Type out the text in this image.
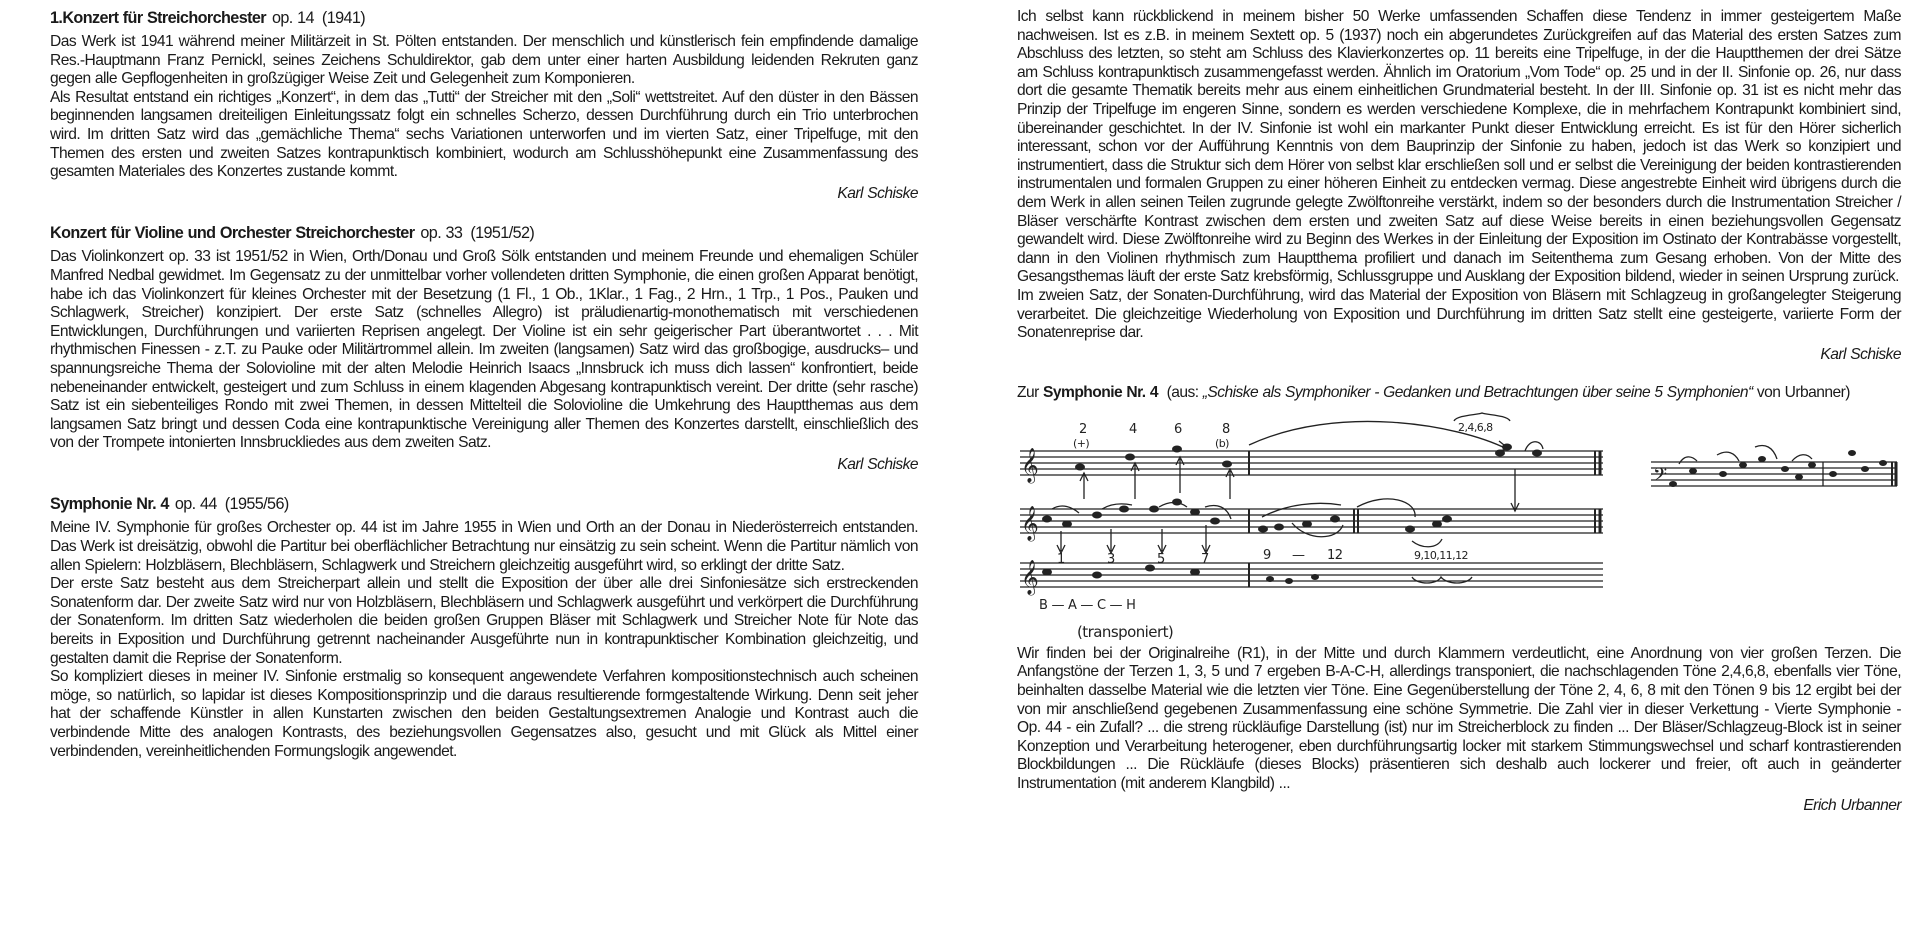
1.Konzert für Streichorchester op. 14 (1941)

Das Werk ist 1941 während meiner Militärzeit in St. Pölten entstanden. Der menschlich und künstlerisch fein empfindende damalige Res.-Hauptmann Franz Pernickl, seines Zeichens Schuldirektor, gab dem unter einer harten Ausbildung leidenden Rekruten ganz gegen alle Gepflogenheiten in großzügiger Weise Zeit und Gelegenheit zum Komponieren.

Als Resultat entstand ein richtiges „Konzert“, in dem das „Tutti“ der Streicher mit den „Soli“ wettstreitet. Auf den düster in den Bässen beginnenden langsamen dreiteiligen Einleitungssatz folgt ein schnelles Scherzo, dessen Durchführung durch ein Trio unterbrochen wird. Im dritten Satz wird das „gemächliche Thema“ sechs Variationen unterworfen und im vierten Satz, einer Tripelfuge, mit den Themen des ersten und zweiten Satzes kontrapunktisch kombiniert, wodurch am Schlusshöhepunkt eine Zusammenfassung des gesamten Materiales des Konzertes zustande kommt.

Karl Schiske
Konzert für Violine und Orchester Streichorchester op. 33 (1951/52)

Das Violinkonzert op. 33 ist 1951/52 in Wien, Orth/Donau und Groß Sölk entstanden und meinem Freunde und ehemaligen Schüler Manfred Nedbal gewidmet. Im Gegensatz zu der unmittelbar vorher vollendeten dritten Symphonie, die einen großen Apparat benötigt, habe ich das Violinkonzert für kleines Orchester mit der Besetzung (1 Fl., 1 Ob., 1Klar., 1 Fag., 2 Hrn., 1 Trp., 1 Pos., Pauken und Schlagwerk, Streicher) konzipiert. Der erste Satz (schnelles Allegro) ist präludienartig-monothematisch mit verschiedenen Entwicklungen, Durchführungen und variierten Reprisen angelegt. Der Violine ist ein sehr geigerischer Part überantwortet . . . Mit rhythmischen Finessen - z.T. zu Pauke oder Militärtrommel allein. Im zweiten (langsamen) Satz wird das großbogige, ausdrucks– und spannungsreiche Thema der Solovioline mit der alten Melodie Heinrich Isaacs „Innsbruck ich muss dich lassen“ konfrontiert, beide nebeneinander entwickelt, gesteigert und zum Schluss in einem klagenden Abgesang kontrapunktisch vereint. Der dritte (sehr rasche) Satz ist ein siebenteiliges Rondo mit zwei Themen, in dessen Mittelteil die Solovioline die Umkehrung des Hauptthemas aus dem langsamen Satz bringt und dessen Coda eine kontrapunktische Vereinigung aller Themen des Konzertes darstellt, einschließlich des von der Trompete intonierten Innsbruckliedes aus dem zweiten Satz.

Karl Schiske
Symphonie Nr. 4 op. 44 (1955/56)

Meine IV. Symphonie für großes Orchester op. 44 ist im Jahre 1955 in Wien und Orth an der Donau in Niederösterreich entstanden. Das Werk ist dreisätzig, obwohl die Partitur bei oberflächlicher Betrachtung nur einsätzig zu sein scheint. Wenn die Partitur nämlich von allen Spielern: Holzbläsern, Blechbläsern, Schlagwerk und Streichern gleichzeitig ausgeführt wird, so erklingt der dritte Satz.

Der erste Satz besteht aus dem Streicherpart allein und stellt die Exposition der über alle drei Sinfoniesätze sich erstreckenden Sonatenform dar. Der zweite Satz wird nur von Holzbläsern, Blechbläsern und Schlagwerk ausgeführt und verkörpert die Durchführung der Sonatenform. Im dritten Satz wiederholen die beiden großen Gruppen Bläser mit Schlagwerk und Streicher Note für Note das bereits in Exposition und Durchführung getrennt nacheinander Ausgeführte nun in kontrapunktischer Kombination gleichzeitig, und gestalten damit die Reprise der Sonatenform.

So kompliziert dieses in meiner IV. Sinfonie erstmalig so konsequent angewendete Verfahren kompositionstechnisch auch scheinen möge, so natürlich, so lapidar ist dieses Kompositionsprinzip und die daraus resultierende formgestaltende Wirkung. Denn seit jeher hat der schaffende Künstler in allen Kunstarten zwischen den beiden Gestaltungsextremen Analogie und Kontrast auch die verbindende Mitte des analogen Kontrasts, des beziehungsvollen Gegensatzes also, gesucht und mit Glück als Mittel einer verbindenden, vereinheitlichenden Formungslogik angewendet.

Ich selbst kann rückblickend in meinem bisher 50 Werke umfassenden Schaffen diese Tendenz in immer gesteigertem Maße nachweisen. Ist es z.B. in meinem Sextett op. 5 (1937) noch ein abgerundetes Zurückgreifen auf das Material des ersten Satzes zum Abschluss des letzten, so steht am Schluss des Klavierkonzertes op. 11 bereits eine Tripelfuge, in der die Hauptthemen der drei Sätze am Schluss kontrapunktisch zusammengefasst werden. Ähnlich im Oratorium „Vom Tode“ op. 25 und in der II. Sinfonie op. 26, nur dass dort die gesamte Thematik bereits mehr aus einem einheitlichen Grundmaterial besteht. In der III. Sinfonie op. 31 ist es nicht mehr das Prinzip der Tripelfuge im engeren Sinne, sondern es werden verschiedene Komplexe, die in mehrfachem Kontrapunkt kombiniert sind, übereinander geschichtet. In der IV. Sinfonie ist wohl ein markanter Punkt dieser Entwicklung erreicht. Es ist für den Hörer sicherlich interessant, schon vor der Aufführung Kenntnis von dem Bauprinzip der Sinfonie zu haben, jedoch ist das Werk so konzipiert und instrumentiert, dass die Struktur sich dem Hörer von selbst klar erschließen soll und er selbst die Vereinigung der beiden kontrastierenden instrumentalen und formalen Gruppen zu einer höheren Einheit zu entdecken vermag. Diese angestrebte Einheit wird übrigens durch die dem Werk in allen seinen Teilen zugrunde gelegte Zwölftonreihe verstärkt, indem so der besonders durch die Instrumentation Streicher / Bläser verschärfte Kontrast zwischen dem ersten und zweiten Satz auf diese Weise bereits in einen beziehungsvollen Gegensatz gewandelt wird. Diese Zwölftonreihe wird zu Beginn des Werkes in der Einleitung der Exposition im Ostinato der Kontrabässe vorgestellt, dann in den Violinen rhythmisch zum Hauptthema profiliert und danach im Seitenthema zum Gesang erhoben. Von der Mitte des Gesangsthemas läuft der erste Satz krebsförmig, Schlussgruppe und Ausklang der Exposition bildend, wieder in seinen Ursprung zurück.

Im zweien Satz, der Sonaten-Durchführung, wird das Material der Exposition von Bläsern mit Schlagzeug in großangelegter Steigerung verarbeitet. Die gleichzeitige Wiederholung von Exposition und Durchführung im dritten Satz stellt eine gesteigerte, variierte Form der Sonatenreprise dar.

Karl Schiske
Zur Symphonie Nr. 4 (aus: „Schiske als Symphoniker - Gedanken und Betrachtungen über seine 5 Symphonien“ von Urbanner)
𝄞
𝄞
𝄞
𝄢
2
(+)
4	6	8
(b)
2,4,6,8
1	3	5	7	9 — 12	9,10,11,12
B — A — C — H
(transponiert)

Wir finden bei der Originalreihe (R1), in der Mitte und durch Klammern verdeutlicht, eine Anordnung von vier großen Terzen. Die Anfangstöne der Terzen 1, 3, 5 und 7 ergeben B-A-C-H, allerdings transponiert, die nachschlagenden Töne 2,4,6,8, ebenfalls vier Töne, beinhalten dasselbe Material wie die letzten vier Töne. Eine Gegenüberstellung der Töne 2, 4, 6, 8 mit den Tönen 9 bis 12 ergibt bei der von mir anschließend gegebenen Zusammenfassung eine schöne Symmetrie. Die Zahl vier in dieser Verkettung - Vierte Symphonie - Op. 44 - ein Zufall? ... die streng rückläufige Darstellung (ist) nur im Streicherblock zu finden ... Der Bläser/Schlagzeug-Block ist in seiner Konzeption und Verarbeitung heterogener, eben durchführungsartig locker mit starkem Stimmungswechsel und scharf kontrastierenden Blockbildungen ... Die Rückläufe (dieses Blocks) präsentieren sich deshalb auch lockerer und freier, oft auch in geänderter Instrumentation (mit anderem Klangbild) ...

Erich Urbanner
